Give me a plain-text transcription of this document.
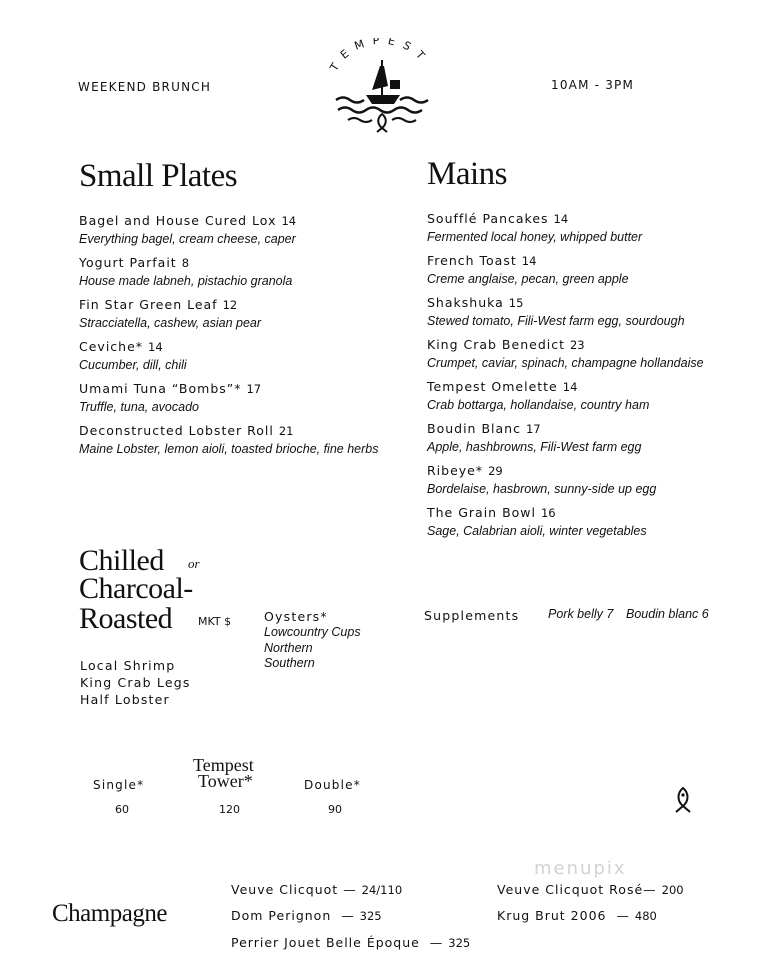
WEEKEND BRUNCH	10AM - 3PM
TEMPEST
Small Plates
Bagel and House Cured Lox 14
Everything bagel, cream cheese, caper
Yogurt Parfait 8
House made labneh, pistachio granola
Fin Star Green Leaf 12
Stracciatella, cashew, asian pear
Ceviche* 14
Cucumber, dill, chili
Umami Tuna “Bombs”* 17
Truffle, tuna, avocado
Deconstructed Lobster Roll 21
Maine Lobster, lemon aioli, toasted brioche, fine herbs
Mains
Soufflé Pancakes 14
Fermented local honey, whipped butter
French Toast 14
Creme anglaise, pecan, green apple
Shakshuka 15
Stewed tomato, Fili-West farm egg, sourdough
King Crab Benedict 23
Crumpet, caviar, spinach, champagne hollandaise
Tempest Omelette 14
Crab bottarga, hollandaise, country ham
Boudin Blanc 17
Apple, hashbrowns, Fili-West farm egg
Ribeye* 29
Bordelaise, hasbrown, sunny-side up egg
The Grain Bowl 16
Sage, Calabrian aioli, winter vegetables
Chilled or
Charcoal-
Roasted MKT $
Local Shrimp
King Crab Legs
Half Lobster
Oysters*
Lowcountry Cups
Northern
Southern
Supplements Pork belly 7 Boudin blanc 6
Single*
60
Tempest
Tower*
120
Double*
90
menupix
Champagne
Veuve Clicquot — 24/110
Dom Perignon  — 325
Perrier Jouet Belle Époque  — 325
Veuve Clicquot Rosé— 200
Krug Brut 2006  — 480
